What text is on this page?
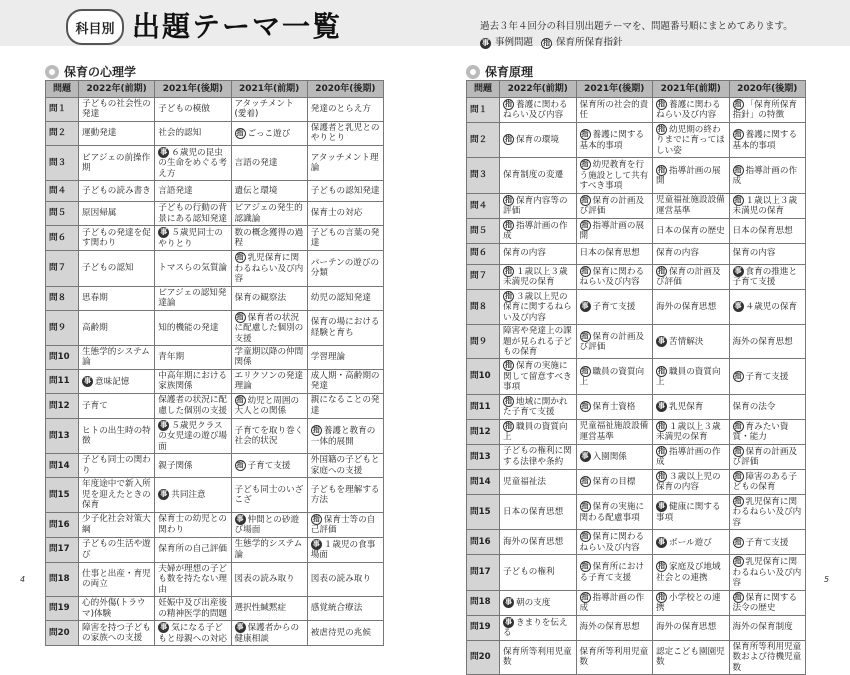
科目別 出題テーマ一覧	過去３年４回分の科目別出題テーマを、問題番号順にまとめてあります。
事 事例問題 指 保育所保育指針
保育の心理学
問題	2022年(前期)	2021年(後期)	2021年(前期)	2020年(後期)
問１	子どもの社会性の発達	子どもの模倣	アタッチメント(愛着)	発達のとらえ方
問２	運動発達	社会的認知	指 ごっこ遊び	保護者と乳児とのやりとり
問３	ピアジェの前操作期	事 ６歳児の昆虫の生命をめぐる考え方	言語の発達	アタッチメント理論
問４	子どもの読み書き	言語発達	遺伝と環境	子どもの認知発達
問５	原因帰属	子どもの行動の背景にある認知発達	ピアジェの発生的認識論	保育士の対応
問６	子どもの発達を促す関わり	事 ５歳児同士のやりとり	数の概念獲得の過程	子どもの言葉の発達
問７	子どもの認知	トマスらの気質論	指 乳児保育に関わるねらい及び内容	パーテンの遊びの分類
問８	思春期	ピアジェの認知発達論	保育の観察法	幼児の認知発達
問９	高齢期	知的機能の発達	指 保育者の状況に配慮した個別の支援	保育の場における経験と育ち
問10	生態学的システム論	青年期	学童期以降の仲間関係	学習理論
問11	事 意味記憶	中高年期における家族関係	エリクソンの発達理論	成人期・高齢期の発達
問12	子育て	保護者の状況に配慮した個別の支援	指 幼児と周囲の大人との関係	親になることの発達
問13	ヒトの出生時の特徴	事 ５歳児クラスの女児達の遊び場面	子育てを取り巻く社会的状況	指 養護と教育の一体的展開
問14	子ども同士の関わり	親子関係	指 子育て支援	外国籍の子どもと家庭への支援
問15	年度途中で新入所児を迎えたときの保育	事 共同注意	子ども同士のいざこざ	子どもを理解する方法
問16	少子化社会対策大綱	保育士の幼児との関わり	事 仲間との砂遊び場面	指 保育士等の自己評価
問17	子どもの生活や遊び	保育所の自己評価	生態学的システム論	事 １歳児の食事場面
問18	仕事と出産・育児の両立	夫婦が理想の子ども数を持たない理由	図表の読み取り	図表の読み取り
問19	心的外傷(トラウマ)体験	妊娠中及び出産後の精神医学的問題	選択性緘黙症	感覚統合療法
問20	障害を持つ子どもの家族への支援	事 気になる子どもと母親への対応	事 保護者からの健康相談	被虐待児の兆候
保育原理
問題	2022年(前期)	2021年(後期)	2021年(前期)	2020年(後期)
問１	指 養護に関わるねらい及び内容	保育所の社会的責任	指 養護に関わるねらい及び内容	指 「保育所保育指針」の特徴
問２	指 保育の環境	指 養護に関する基本的事項	指 幼児期の終わりまでに育ってほしい姿	指 養護に関する基本的事項
問３	保育制度の変遷	指 幼児教育を行う施設として共有すべき事項	指 指導計画の展開	指 指導計画の作成
問４	指 保育内容等の評価	指 保育の計画及び評価	児童福祉施設設備運営基準	指 １歳以上３歳未満児の保育
問５	指 指導計画の作成	指 指導計画の展開	日本の保育の歴史	日本の保育思想
問６	保育の内容	日本の保育思想	保育の内容	保育の内容
問７	指 １歳以上３歳未満児の保育	指 保育に関わるねらい及び内容	指 保育の計画及び評価	事 食育の推進と子育て支援
問８	指 ３歳以上児の保育に関するねらい及び内容	事 子育て支援	海外の保育思想	事 ４歳児の保育
問９	障害や発達上の課題が見られる子どもの保育	指 保育の計画及び評価	事 苦情解決	海外の保育思想
問10	指 保育の実施に関して留意すべき事項	指 職員の資質向上	指 職員の資質向上	指 子育て支援
問11	指 地域に開かれた子育て支援	指 保育士資格	事 乳児保育	保育の法令
問12	指 職員の資質向上	児童福祉施設設備運営基準	指 １歳以上３歳未満児の保育	指 育みたい資質・能力
問13	子どもの権利に関する法律や条約	事 入園関係	指 指導計画の作成	指 保育の計画及び評価
問14	児童福祉法	指 保育の目標	指 ３歳以上児の保育の内容	指 障害のある子どもの保育
問15	日本の保育思想	指 保育の実施に関わる配慮事項	事 健康に関する事項	指 乳児保育に関わるねらい及び内容
問16	海外の保育思想	指 保育に関わるねらい及び内容	事 ボール遊び	指 子育て支援
問17	子どもの権利	指 保育所における子育て支援	指 家庭及び地域社会との連携	指 乳児保育に関わるねらい及び内容
問18	事 朝の支度	指 指導計画の作成	指 小学校との連携	指 保育に関する法令の歴史
問19	事 きまりを伝える	海外の保育思想	海外の保育思想	海外の保育制度
問20	保育所等利用児童数	保育所等利用児童数	認定こども園園児数	保育所等利用児童数および待機児童数
4	5
